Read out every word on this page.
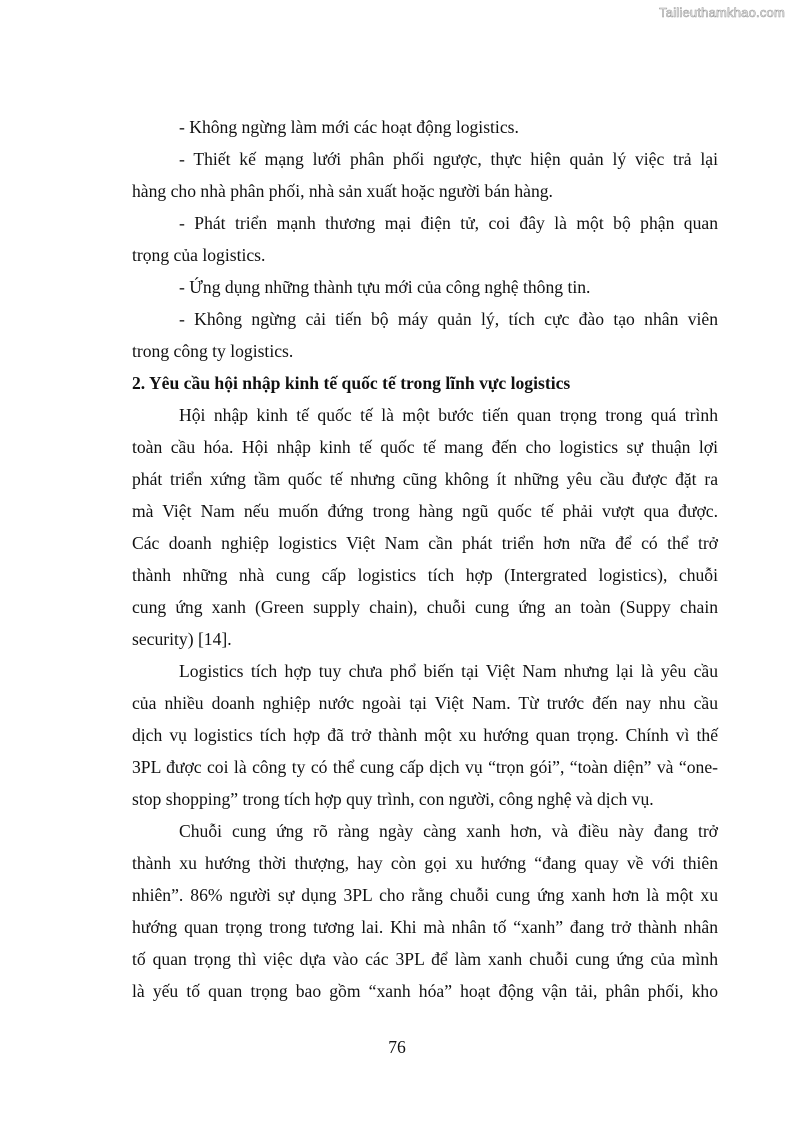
Tailieuthamkhao.com
- Không ngừng làm mới các hoạt động logistics.
- Thiết kế mạng lưới phân phối ngược, thực hiện quản lý việc trả lại
hàng cho nhà phân phối, nhà sản xuất hoặc người bán hàng.
- Phát triển mạnh thương mại điện tử, coi đây là một bộ phận quan
trọng của logistics.
- Ứng dụng những thành tựu mới của công nghệ thông tin.
- Không ngừng cải tiến bộ máy quản lý, tích cực đào tạo nhân viên
trong công ty logistics.
2. Yêu cầu hội nhập kinh tế quốc tế trong lĩnh vực logistics
Hội nhập kinh tế quốc tế là một bước tiến quan trọng trong quá trình
toàn cầu hóa. Hội nhập kinh tế quốc tế mang đến cho logistics sự thuận lợi
phát triển xứng tầm quốc tế nhưng cũng không ít những yêu cầu được đặt ra
mà Việt Nam nếu muốn đứng trong hàng ngũ quốc tế phải vượt qua được.
Các doanh nghiệp logistics Việt Nam cần phát triển hơn nữa để có thể trở
thành những nhà cung cấp logistics tích hợp (Intergrated logistics), chuỗi
cung ứng xanh (Green supply chain), chuỗi cung ứng an toàn (Suppy chain
security) [14].
Logistics tích hợp tuy chưa phổ biến tại Việt Nam nhưng lại là yêu cầu
của nhiều doanh nghiệp nước ngoài tại Việt Nam. Từ trước đến nay nhu cầu
dịch vụ logistics tích hợp đã trở thành một xu hướng quan trọng. Chính vì thế
3PL được coi là công ty có thể cung cấp dịch vụ “trọn gói”, “toàn diện” và “one-
stop shopping” trong tích hợp quy trình, con người, công nghệ và dịch vụ.
Chuỗi cung ứng rõ ràng ngày càng xanh hơn, và điều này đang trở
thành xu hướng thời thượng, hay còn gọi xu hướng “đang quay về với thiên
nhiên”. 86% người sự dụng 3PL cho rằng chuỗi cung ứng xanh hơn là một xu
hướng quan trọng trong tương lai. Khi mà nhân tố “xanh” đang trở thành nhân
tố quan trọng thì việc dựa vào các 3PL để làm xanh chuỗi cung ứng của mình
là yếu tố quan trọng bao gồm “xanh hóa” hoạt động vận tải, phân phối, kho
76
